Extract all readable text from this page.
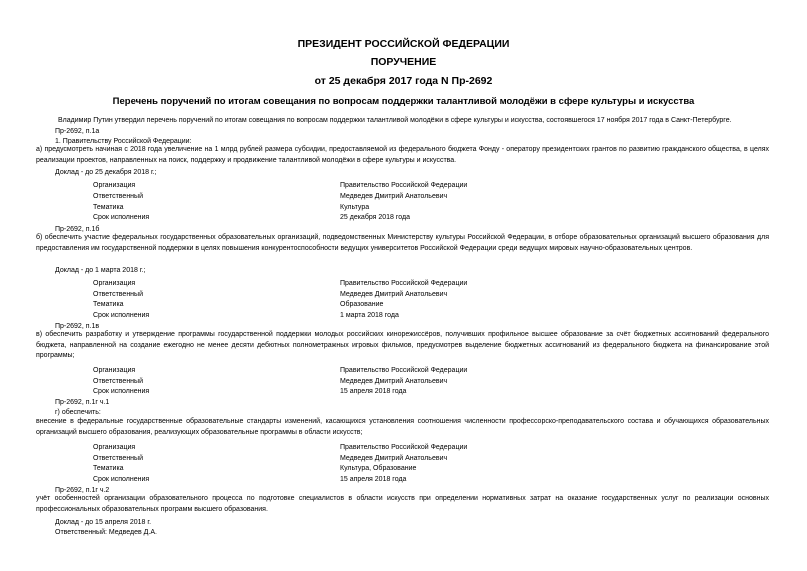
ПРЕЗИДЕНТ РОССИЙСКОЙ ФЕДЕРАЦИИ
ПОРУЧЕНИЕ
от 25 декабря 2017 года N Пр-2692
Перечень поручений по итогам совещания по вопросам поддержки талантливой молодёжи в сфере культуры и искусства
Владимир Путин утвердил перечень поручений по итогам совещания по вопросам поддержки талантливой молодёжи в сфере культуры и искусства, состоявшегося 17 ноября 2017 года в Санкт-Петербурге.
Пр-2692, п.1а
1. Правительству Российской Федерации:
а) предусмотреть начиная с 2018 года увеличение на 1 млрд рублей размера субсидии, предоставляемой из федерального бюджета Фонду - оператору президентских грантов по развитию гражданского общества, в целях реализации проектов, направленных на поиск, поддержку и продвижение талантливой молодёжи в сфере культуры и искусства.
Доклад - до 25 декабря 2018 г.;
Организация	Правительство Российской Федерации
Ответственный	Медведев Дмитрий Анатольевич
Тематика	Культура
Срок исполнения	25 декабря 2018 года
Пр-2692, п.1б
б) обеспечить участие федеральных государственных образовательных организаций, подведомственных Министерству культуры Российской Федерации, в отборе образовательных организаций высшего образования для предоставления им государственной поддержки в целях повышения конкурентоспособности ведущих университетов Российской Федерации среди ведущих мировых научно-образовательных центров.
Доклад - до 1 марта 2018 г.;
Организация	Правительство Российской Федерации
Ответственный	Медведев Дмитрий Анатольевич
Тематика	Образование
Срок исполнения	1 марта 2018 года
Пр-2692, п.1в
в) обеспечить разработку и утверждение программы государственной поддержки молодых российских кинорежиссёров, получивших профильное высшее образование за счёт бюджетных ассигнований федерального бюджета, направленной на создание ежегодно не менее десяти дебютных полнометражных игровых фильмов, предусмотрев выделение бюджетных ассигнований из федерального бюджета на финансирование этой программы;
Организация	Правительство Российской Федерации
Ответственный	Медведев Дмитрий Анатольевич
Срок исполнения	15 апреля 2018 года
Пр-2692, п.1г ч.1
г) обеспечить:
внесение в федеральные государственные образовательные стандарты изменений, касающихся установления соотношения численности профессорско-преподавательского состава и обучающихся образовательных организаций высшего образования, реализующих образовательные программы в области искусств;
Организация	Правительство Российской Федерации
Ответственный	Медведев Дмитрий Анатольевич
Тематика	Культура, Образование
Срок исполнения	15 апреля 2018 года
Пр-2692, п.1г ч.2
учёт особенностей организации образовательного процесса по подготовке специалистов в области искусств при определении нормативных затрат на оказание государственных услуг по реализации основных профессиональных образовательных программ высшего образования.
Доклад - до 15 апреля 2018 г.
Ответственный: Медведев Д.А.
